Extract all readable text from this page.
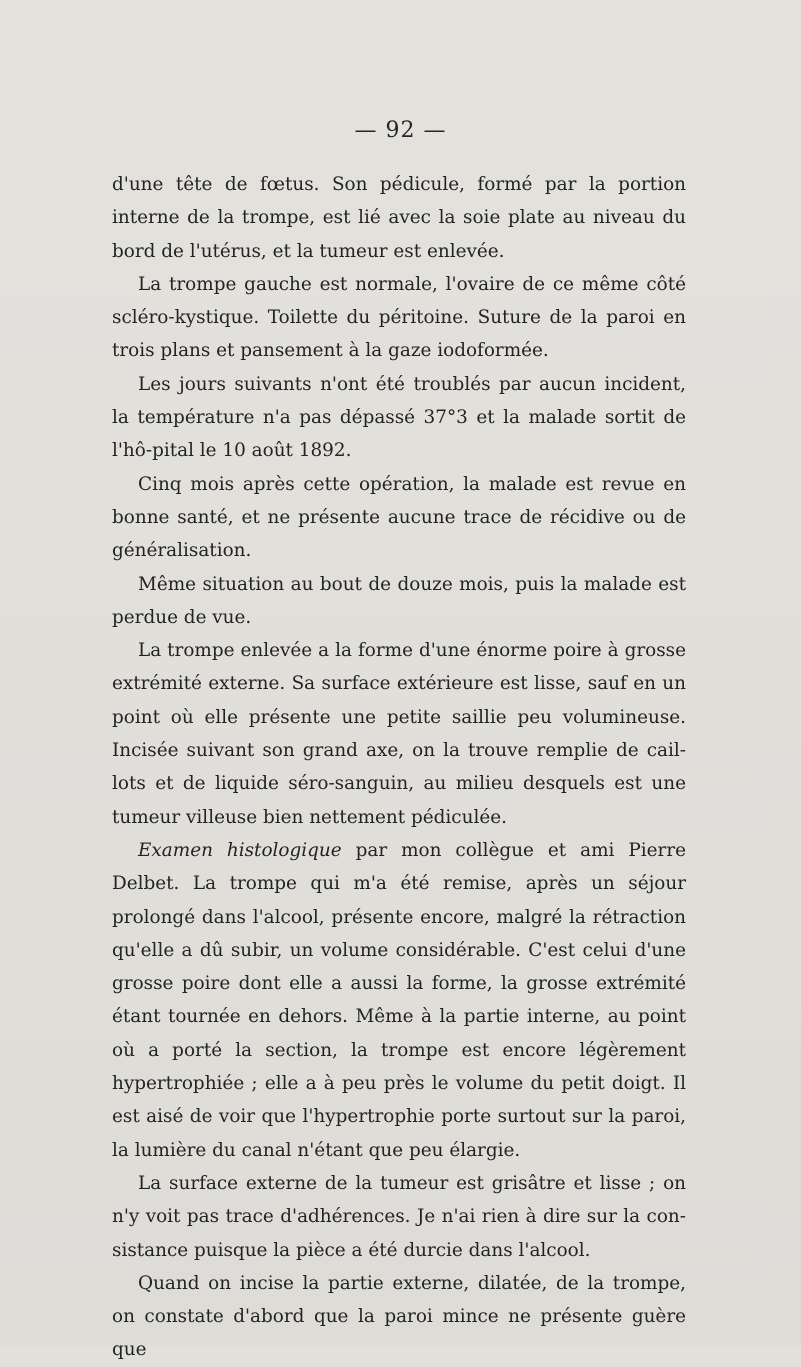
— 92 —

d'une tête de fœtus. Son pédicule, formé par la portion interne de la trompe, est lié avec la soie plate au niveau du bord de l'utérus, et la tumeur est enlevée.

La trompe gauche est normale, l'ovaire de ce même côté scléro-kystique. Toilette du péritoine. Suture de la paroi en trois plans et pansement à la gaze iodoformée.

Les jours suivants n'ont été troublés par aucun incident, la température n'a pas dépassé 37°3 et la malade sortit de l'hô-pital le 10 août 1892.

Cinq mois après cette opération, la malade est revue en bonne santé, et ne présente aucune trace de récidive ou de généralisation.

Même situation au bout de douze mois, puis la malade est perdue de vue.

La trompe enlevée a la forme d'une énorme poire à grosse extrémité externe. Sa surface extérieure est lisse, sauf en un point où elle présente une petite saillie peu volumineuse. Incisée suivant son grand axe, on la trouve remplie de cail-lots et de liquide séro-sanguin, au milieu desquels est une tumeur villeuse bien nettement pédiculée.

Examen histologique par mon collègue et ami Pierre Delbet. La trompe qui m'a été remise, après un séjour prolongé dans l'alcool, présente encore, malgré la rétraction qu'elle a dû subir, un volume considérable. C'est celui d'une grosse poire dont elle a aussi la forme, la grosse extrémité étant tournée en dehors. Même à la partie interne, au point où a porté la section, la trompe est encore légèrement hypertrophiée ; elle a à peu près le volume du petit doigt. Il est aisé de voir que l'hypertrophie porte surtout sur la paroi, la lumière du canal n'étant que peu élargie.

La surface externe de la tumeur est grisâtre et lisse ; on n'y voit pas trace d'adhérences. Je n'ai rien à dire sur la con-sistance puisque la pièce a été durcie dans l'alcool.

Quand on incise la partie externe, dilatée, de la trompe, on constate d'abord que la paroi mince ne présente guère que
